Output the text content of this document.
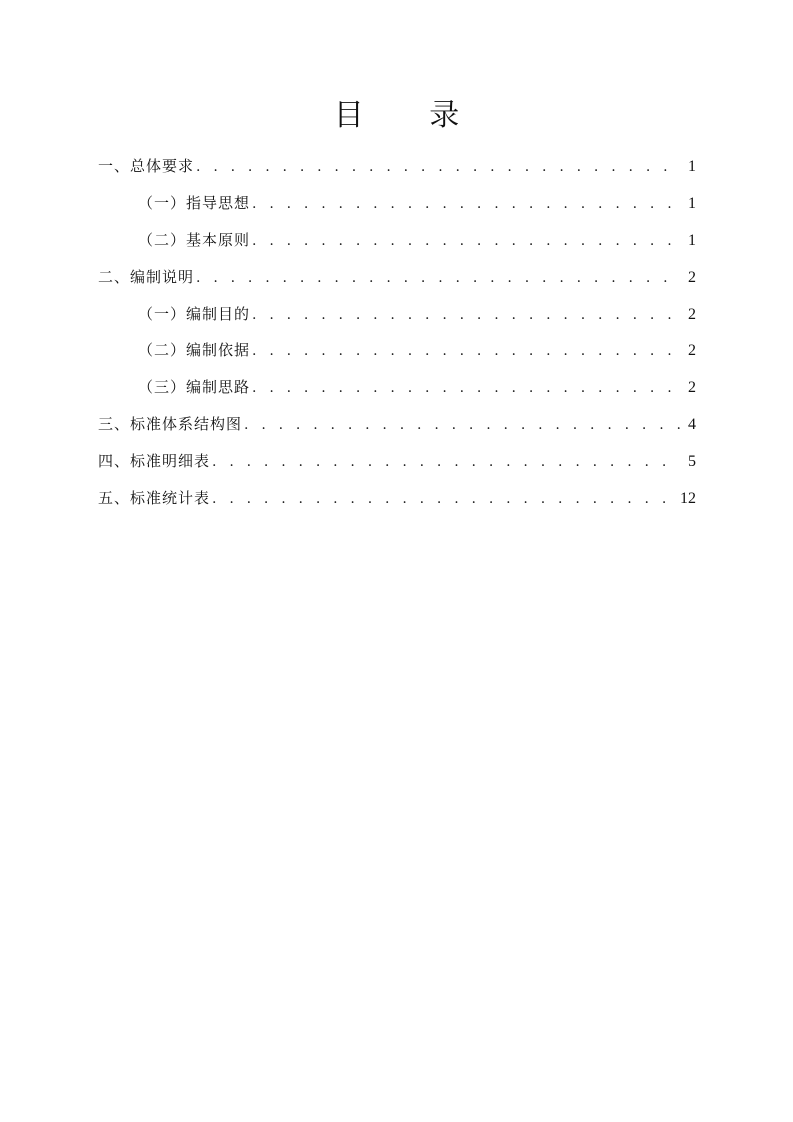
目 录
一、总体要求 . . .	1
（一）指导思想 . . .	1
（二）基本原则 . . .	1
二、编制说明 . . .	2
（一）编制目的 . . .	2
（二）编制依据 . . .	2
（三）编制思路 . . .	2
三、标准体系结构图 . . .	4
四、标准明细表 . . .	5
五、标准统计表 . . .	12
